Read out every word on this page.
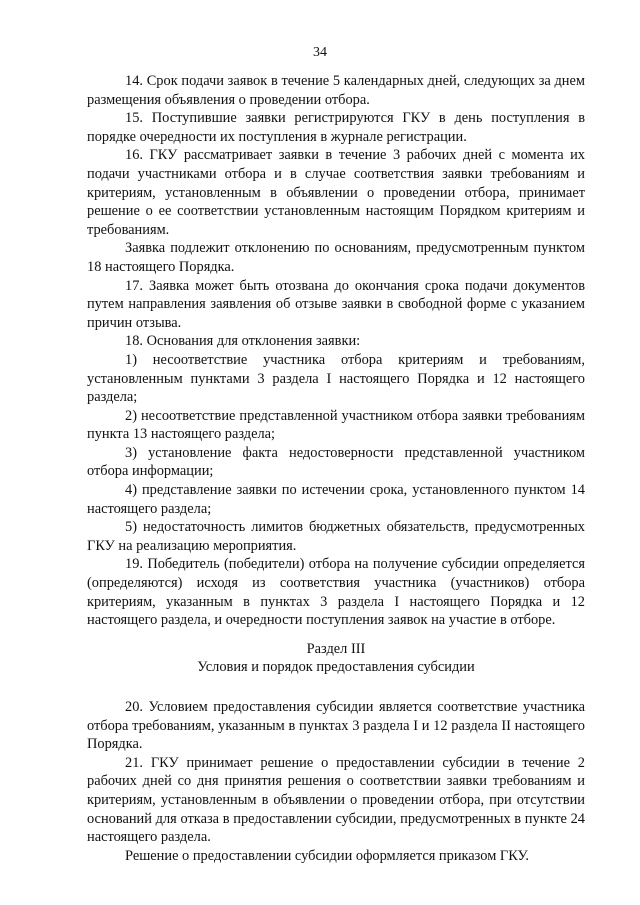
34

14. Срок подачи заявок в течение 5 календарных дней, следующих за днем размещения объявления о проведении отбора.

15. Поступившие заявки регистрируются ГКУ в день поступления в порядке очередности их поступления в журнале регистрации.

16. ГКУ рассматривает заявки в течение 3 рабочих дней с момента их подачи участниками отбора и в случае соответствия заявки требованиям и критериям, установленным в объявлении о проведении отбора, принимает решение о ее соответствии установленным настоящим Порядком критериям и требованиям.

Заявка подлежит отклонению по основаниям, предусмотренным пунктом 18 настоящего Порядка.

17. Заявка может быть отозвана до окончания срока подачи документов путем направления заявления об отзыве заявки в свободной форме с указанием причин отзыва.

18. Основания для отклонения заявки:

1) несоответствие участника отбора критериям и требованиям, установленным пунктами 3 раздела I настоящего Порядка и 12 настоящего раздела;

2) несоответствие представленной участником отбора заявки требованиям пункта 13 настоящего раздела;

3) установление факта недостоверности представленной участником отбора информации;

4) представление заявки по истечении срока, установленного пунктом 14 настоящего раздела;

5) недостаточность лимитов бюджетных обязательств, предусмотренных ГКУ на реализацию мероприятия.

19. Победитель (победители) отбора на получение субсидии определяется (определяются) исходя из соответствия участника (участников) отбора критериям, указанным в пунктах 3 раздела I настоящего Порядка и 12 настоящего раздела, и очередности поступления заявок на участие в отборе.

Раздел III

Условия и порядок предоставления субсидии

20. Условием предоставления субсидии является соответствие участника отбора требованиям, указанным в пунктах 3 раздела I и 12 раздела II настоящего Порядка.

21. ГКУ принимает решение о предоставлении субсидии в течение 2 рабочих дней со дня принятия решения о соответствии заявки требованиям и критериям, установленным в объявлении о проведении отбора, при отсутствии оснований для отказа в предоставлении субсидии, предусмотренных в пункте 24 настоящего раздела.

Решение о предоставлении субсидии оформляется приказом ГКУ.
